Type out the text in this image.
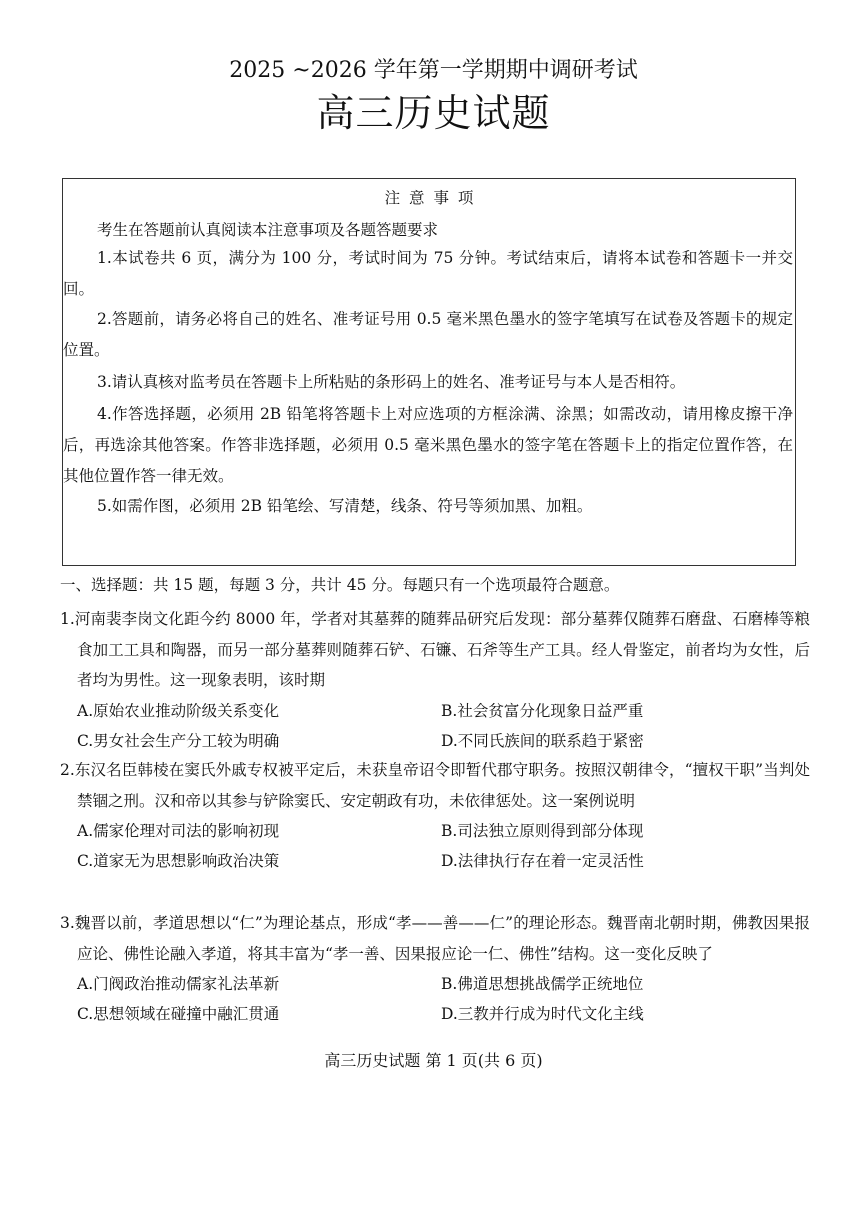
2025 ~2026 学年第一学期期中调研考试
高三历史试题
注 意 事 项
考生在答题前认真阅读本注意事项及各题答题要求

1.本试卷共 6 页，满分为 100 分，考试时间为 75 分钟。考试结束后，请将本试卷和答题卡一并交回。

2.答题前，请务必将自己的姓名、准考证号用 0.5 毫米黑色墨水的签字笔填写在试卷及答题卡的规定位置。

3.请认真核对监考员在答题卡上所粘贴的条形码上的姓名、准考证号与本人是否相符。

4.作答选择题，必须用 2B 铅笔将答题卡上对应选项的方框涂满、涂黑；如需改动，请用橡皮擦干净后，再选涂其他答案。作答非选择题，必须用 0.5 毫米黑色墨水的签字笔在答题卡上的指定位置作答，在其他位置作答一律无效。

5.如需作图，必须用 2B 铅笔绘、写清楚，线条、符号等须加黑、加粗。

一、选择题：共 15 题，每题 3 分，共计 45 分。每题只有一个选项最符合题意。

1.河南裴李岗文化距今约 8000 年，学者对其墓葬的随葬品研究后发现：部分墓葬仅随葬石磨盘、石磨棒等粮食加工工具和陶器，而另一部分墓葬则随葬石铲、石镰、石斧等生产工具。经人骨鉴定，前者均为女性，后者均为男性。这一现象表明，该时期

A.原始农业推动阶级关系变化	B.社会贫富分化现象日益严重
C.男女社会生产分工较为明确	D.不同氏族间的联系趋于紧密

2.东汉名臣韩棱在窦氏外戚专权被平定后，未获皇帝诏令即暂代郡守职务。按照汉朝律令，“擅权干职”当判处禁锢之刑。汉和帝以其参与铲除窦氏、安定朝政有功，未依律惩处。这一案例说明

A.儒家伦理对司法的影响初现	B.司法独立原则得到部分体现
C.道家无为思想影响政治决策	D.法律执行存在着一定灵活性

3.魏晋以前，孝道思想以“仁”为理论基点，形成“孝——善——仁”的理论形态。魏晋南北朝时期，佛教因果报应论、佛性论融入孝道，将其丰富为“孝一善、因果报应论一仁、佛性”结构。这一变化反映了

A.门阀政治推动儒家礼法革新	B.佛道思想挑战儒学正统地位
C.思想领域在碰撞中融汇贯通	D.三教并行成为时代文化主线
高三历史试题 第 1 页(共 6 页)
